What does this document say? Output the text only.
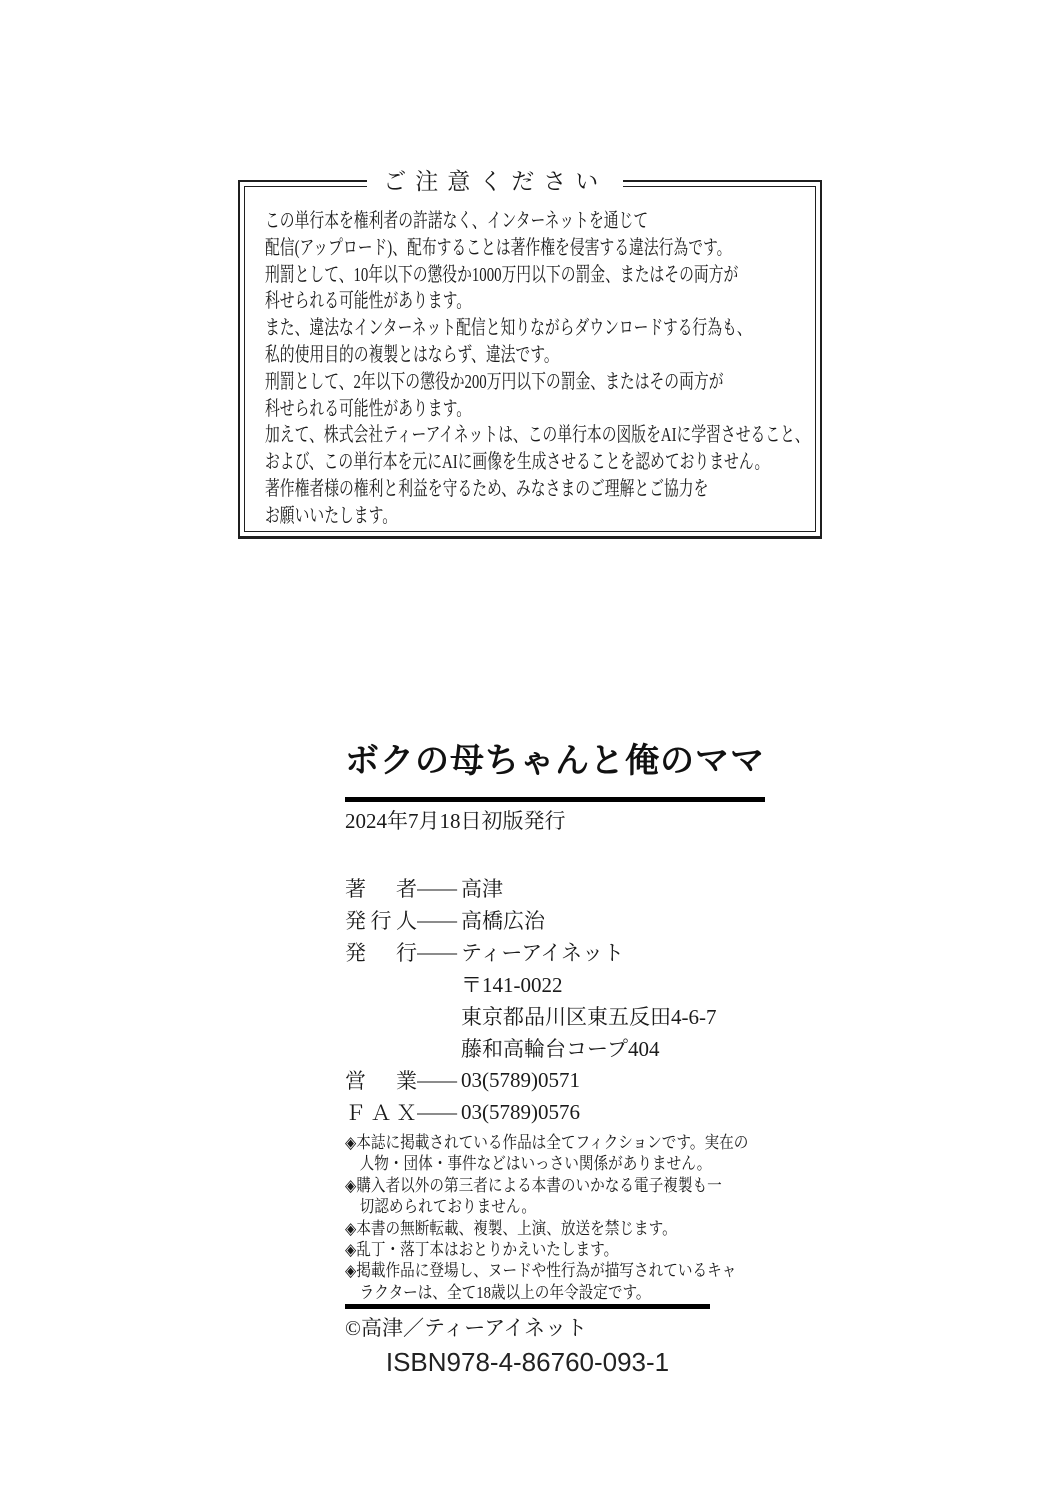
ご注意ください
この単行本を権利者の許諾なく、インターネットを通じて
配信(アップロード)、配布することは著作権を侵害する違法行為です。
刑罰として、10年以下の懲役か1000万円以下の罰金、またはその両方が
科せられる可能性があります。
また、違法なインターネット配信と知りながらダウンロードする行為も、
私的使用目的の複製とはならず、違法です。
刑罰として、2年以下の懲役か200万円以下の罰金、またはその両方が
科せられる可能性があります。
加えて、株式会社ティーアイネットは、この単行本の図版をAIに学習させること、
および、この単行本を元にAIに画像を生成させることを認めておりません。
著作権者様の権利と利益を守るため、みなさまのご理解とご協力を
お願いいたします。
ボクの母ちゃんと俺のママ
2024年7月18日初版発行
著者 —— 高津
発行人 —— 高橋広治
発行 —— ティーアイネット
〒141-0022
東京都品川区東五反田4-6-7
藤和高輪台コープ404
営業 —— 03(5789)0571
ＦＡＸ —— 03(5789)0576
◈本誌に掲載されている作品は全てフィクションです。実在の
　人物・団体・事件などはいっさい関係がありません。
◈購入者以外の第三者による本書のいかなる電子複製も一
　切認められておりません。
◈本書の無断転載、複製、上演、放送を禁じます。
◈乱丁・落丁本はおとりかえいたします。
◈掲載作品に登場し、ヌードや性行為が描写されているキャ
　ラクターは、全て18歳以上の年令設定です。
©高津／ティーアイネット
ISBN978-4-86760-093-1
